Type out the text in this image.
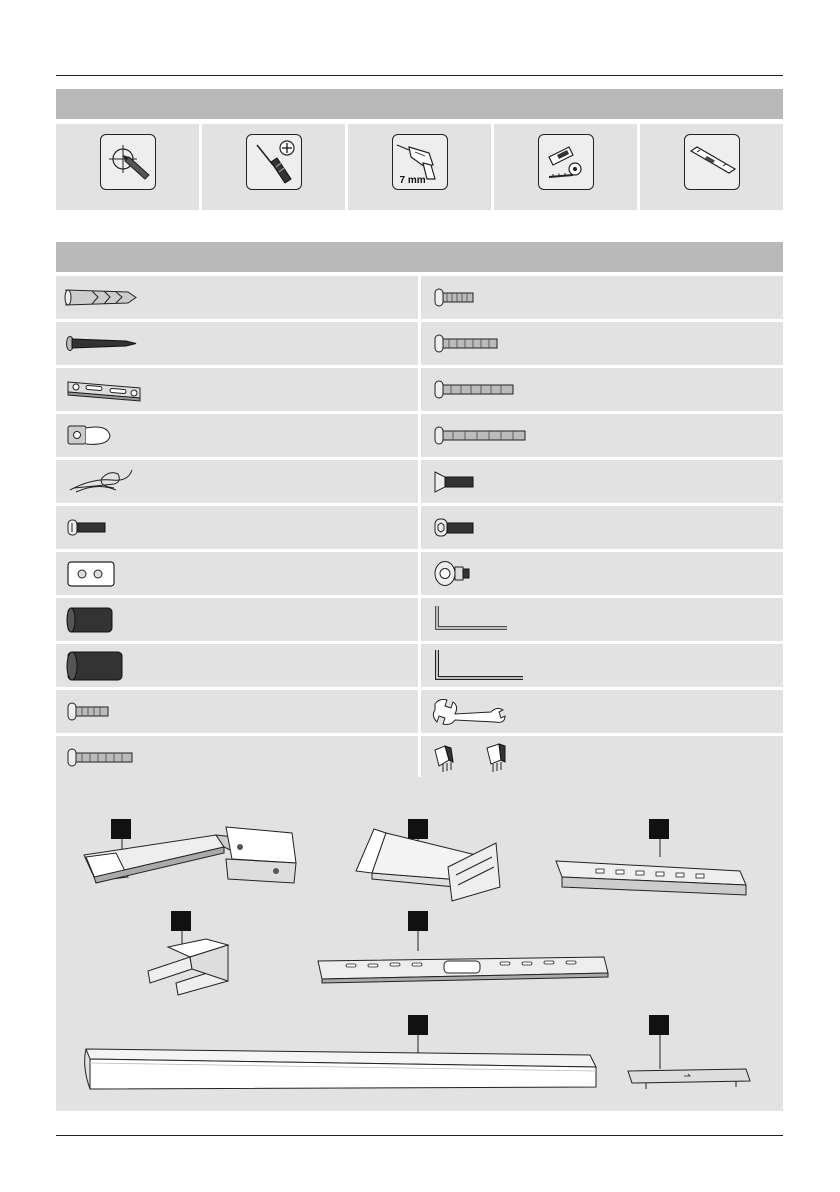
7 mm
